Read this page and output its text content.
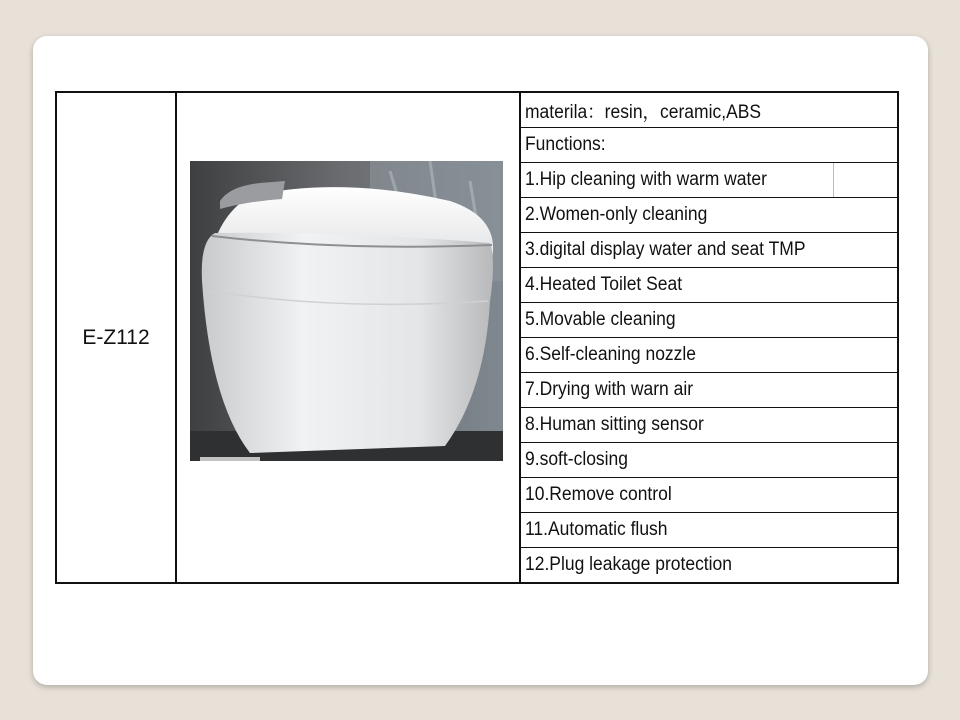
E-Z112	
	materila：resin，ceramic,ABS
Functions:
1.Hip cleaning with warm water
2.Women-only cleaning
3.digital display water and seat TMP
4.Heated Toilet Seat
5.Movable cleaning
6.Self-cleaning nozzle
7.Drying with warn air
8.Human sitting sensor
9.soft-closing
10.Remove control
11.Automatic flush
12.Plug leakage protection
